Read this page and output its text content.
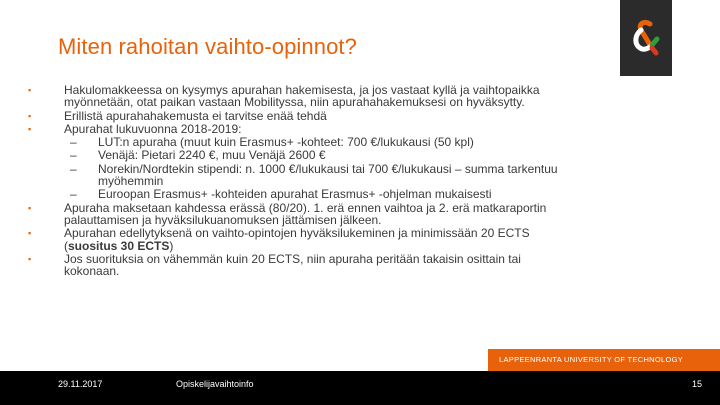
Miten rahoitan vaihto-opinnot?
▪	Hakulomakkeessa on kysymys apurahan hakemisesta, ja jos vastaat kyllä ja vaihtopaikka
myönnetään, otat paikan vastaan Mobilityssa, niin apurahahakemuksesi on hyväksytty.
▪	Erillistä apurahahakemusta ei tarvitse enää tehdä
▪	Apurahat lukuvuonna 2018-2019:
– LUT:n apuraha (muut kuin Erasmus+ -kohteet: 700 €/lukukausi (50 kpl)
– Venäjä: Pietari 2240 €, muu Venäjä 2600 €
– Norekin/Nordtekin stipendi: n. 1000 €/lukukausi tai 700 €/lukukausi – summa tarkentuu
myöhemmin
– Euroopan Erasmus+ -kohteiden apurahat Erasmus+ -ohjelman mukaisesti
▪	Apuraha maksetaan kahdessa erässä (80/20). 1. erä ennen vaihtoa ja 2. erä matkaraportin
palauttamisen ja hyväksilukuanomuksen jättämisen jälkeen.
▪	Apurahan edellytyksenä on vaihto-opintojen hyväksilukeminen ja minimissään 20 ECTS
(suositus 30 ECTS)
▪	Jos suorituksia on vähemmän kuin 20 ECTS, niin apuraha peritään takaisin osittain tai
kokonaan.
LAPPEENRANTA UNIVERSITY OF TECHNOLOGY
29.11.2017	Opiskelijavaihtoinfo	15
